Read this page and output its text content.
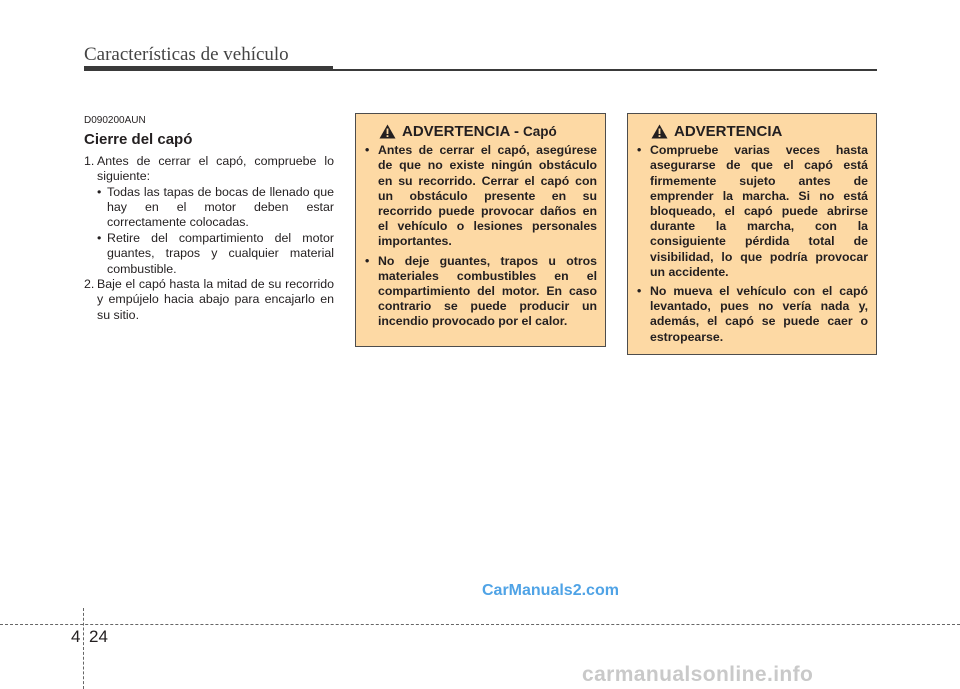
Características de vehículo
D090200AUN
Cierre del capó
1. Antes de cerrar el capó, compruebe lo siguiente:
• Todas las tapas de bocas de llenado que hay en el motor deben estar correctamente colocadas.
• Retire del compartimiento del motor guantes, trapos y cualquier material combustible.
2. Baje el capó hasta la mitad de su recorrido y empújelo hacia abajo para encajarlo en su sitio.
ADVERTENCIA - Capó
• Antes de cerrar el capó, asegúrese de que no existe ningún obstáculo en su recorrido. Cerrar el capó con un obstáculo presente en su recorrido puede provocar daños en el vehículo o lesiones personales importantes.
• No deje guantes, trapos u otros materiales combustibles en el compartimiento del motor. En caso contrario se puede producir un incendio provocado por el calor.
ADVERTENCIA
• Compruebe varias veces hasta asegurarse de que el capó está firmemente sujeto antes de emprender la marcha. Si no está bloqueado, el capó puede abrirse durante la marcha, con la consiguiente pérdida total de visibilidad, lo que podría provocar un accidente.
• No mueva el vehículo con el capó levantado, pues no vería nada y, además, el capó se puede caer o estropearse.
CarManuals2.com
4 24
carmanualsonline.info
